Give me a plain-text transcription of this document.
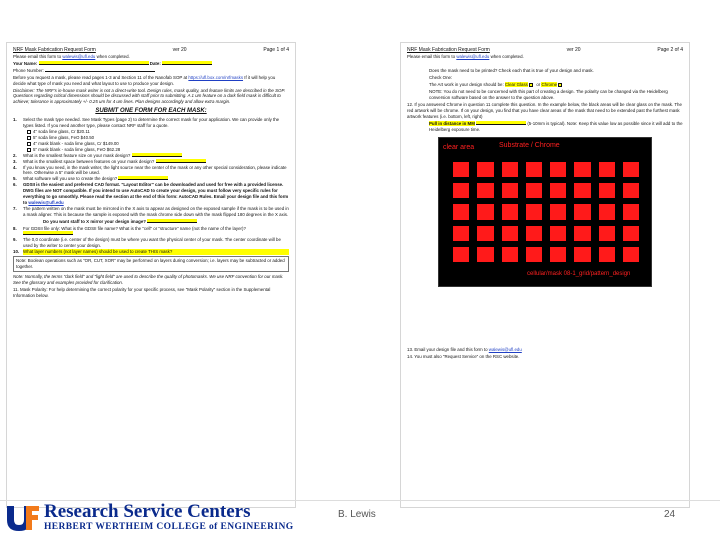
NRF Mask Fabrication Request Form	ver 20	Page 1 of 4
Please email this form to walewis@ufl.edu when completed.
Your Name:	Date:
Phone Number:
Before you request a mask, please read pages 1-3 and Section 11 of the Nanofab SOP at https://ufl.box.com/nrfmasks If it will help you decide what type of mask you need and what layout to use to produce your design.
Disclaimer: The NRF's in-house mask writer is not a direct-write tool. Design rules, mask quality, and feature limits are described in the SOP. Questions regarding critical dimensions should be discussed with staff prior to submitting. A 1 um feature on a dark field mask is difficult to achieve; tolerance is approximately +/- 0.25 um for 4 um lines. Plan designs accordingly and allow extra margin.
SUBMIT ONE FORM FOR EACH MASK:
1.	Select the mask type needed. See Mask Types (page 2) to determine the correct mask for your application. We can provide only the types listed. If you need another type, please contact NRF staff for a quote.
4" soda lime glass, Cr $20.11
5" soda lime glass, FeO $40.50
4" mask blank - soda lime glass, Cr $149.00
5" mask blank - soda lime glass, FeO $62.28
2.	What is the smallest feature size on your mask design?
3.	What is the smallest space between features on your mask design?
4.	If you know you need, in the mask writer, the light source near the center of the mask or any other special consideration, please indicate here. Otherwise a 5" mask will be used.
5.	What software will you use to create the design?
6.	GDSII is the easiest and preferred CAD format. "Layout Editor" can be downloaded and used for free with a provided license. DWG files are NOT compatible. If you intend to use AutoCAD to create your design, you must follow very specific rules for everything to go smoothly. Please read the section at the end of this form: AutoCAD Rules. Email your design file and this form to walewis@ufl.edu
7.	The pattern written on the mask must be mirrored in the X axis to appear as designed on the exposed sample if the mask is to be used in a mask aligner. This is because the sample is exposed with the mask chrome side down with the mask flipped 180 degrees in the X axis.
Do you want staff to X mirror your design image?
8.	For GDSII file only: What is the GDSII file name? What is the "cell" or "structure" name (not the name of the layer)?
9.	The 0,0 coordinate (i.e. center of the design) must be where you want the physical center of your mask. The center coordinate will be used by the writer to center your design.
10. What layer numbers (not layer names) should be used to create THIS mask?
Note: Boolean operations such as "OR, CUT, XOR" may be performed on layers during conversion; i.e. layers may be subtracted or added together.
Note: Normally, the terms "dark field" and "light field" are used to describe the quality of photomasks. We use NRF convention for our mask. See the glossary and examples provided for clarification.
11. Mask Polarity: For help determining the correct polarity for your specific process, see "Mask Polarity" section in the Supplemental Information below.
NRF Mask Fabrication Request Form	ver 20	Page 2 of 4
Please email this form to walewis@ufl.edu when completed.
Does the mask need to be printed? Check each that is true of your design and mask.
Check One:
The Art work in your design should be: Clear Glass or Chrome
NOTE: You do not need to be concerned with this part of creating a design. The polarity can be changed via the Heidelberg conversion software based on the answer to the question above.
12. If you answered Chrome in question 11 complete this question. In the example below, the black areas will be clear glass on the mask. The red artwork will be chrome. If on your design, you find that you have clear areas of the mask that need to be extended past the furthest mask artwork features (i.e. bottom, left, right)
Pull in distance in MM	(5-10mm is typical). Note: Keep this value low as possible since it will add to the Heidelberg exposure time.
clear area	Substrate / Chrome
cellular/mask 08-1_grid/pattern_design
13. Email your design file and this form to walewis@ufl.edu
14. You must also "Request Service" on the RSC website.
Research Service Centers
HERBERT WERTHEIM COLLEGE of ENGINEERING
B. Lewis	24
